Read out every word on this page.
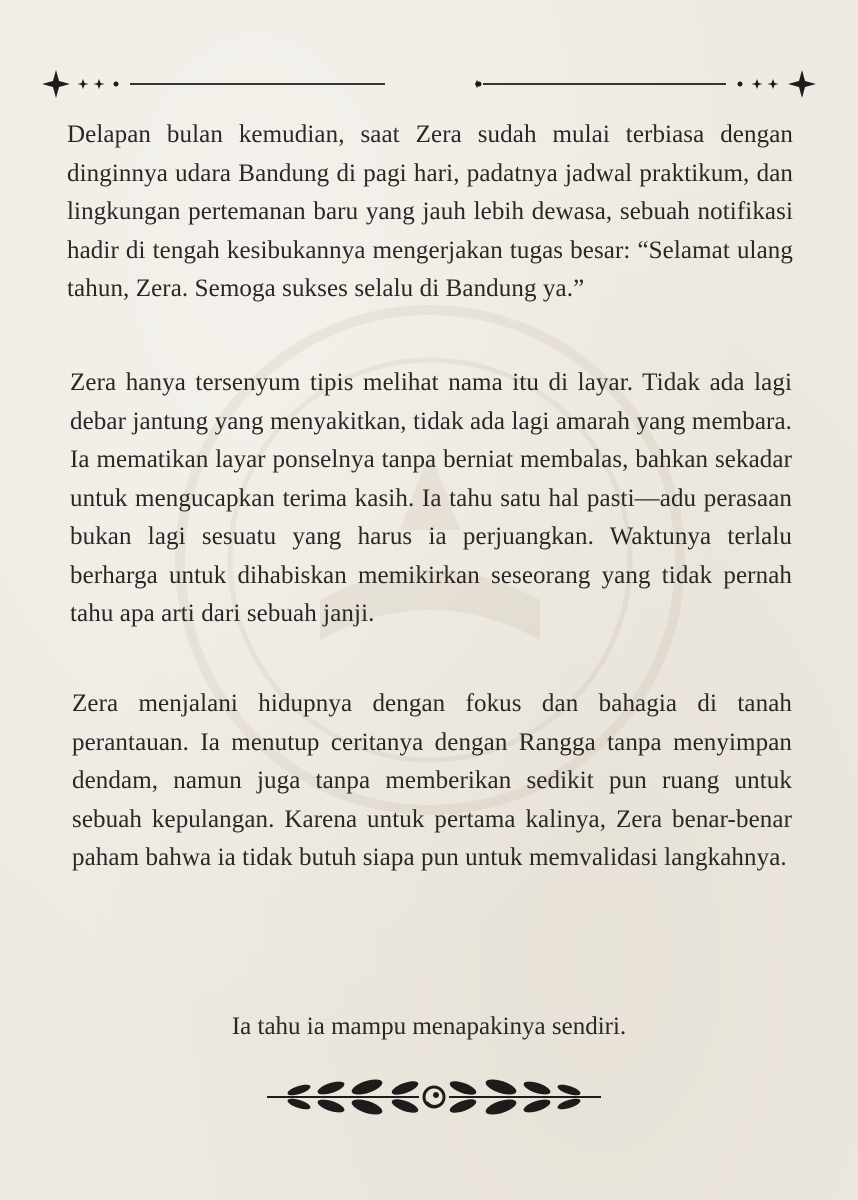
Delapan bulan kemudian, saat Zera sudah mulai terbiasa dengan dinginnya udara Bandung di pagi hari, padatnya jadwal praktikum, dan lingkungan pertemanan baru yang jauh lebih dewasa, sebuah notifikasi hadir di tengah kesibukannya mengerjakan tugas besar: “Selamat ulang tahun, Zera. Semoga sukses selalu di Bandung ya.”

Zera hanya tersenyum tipis melihat nama itu di layar. Tidak ada lagi debar jantung yang menyakitkan, tidak ada lagi amarah yang membara. Ia mematikan layar ponselnya tanpa berniat membalas, bahkan sekadar untuk mengucapkan terima kasih. Ia tahu satu hal pasti—adu perasaan bukan lagi sesuatu yang harus ia perjuangkan. Waktunya terlalu berharga untuk dihabiskan memikirkan seseorang yang tidak pernah tahu apa arti dari sebuah janji.

Zera menjalani hidupnya dengan fokus dan bahagia di tanah perantauan. Ia menutup ceritanya dengan Rangga tanpa menyimpan dendam, namun juga tanpa memberikan sedikit pun ruang untuk sebuah kepulangan. Karena untuk pertama kalinya, Zera benar-benar paham bahwa ia tidak butuh siapa pun untuk memvalidasi langkahnya.

Ia tahu ia mampu menapakinya sendiri.
